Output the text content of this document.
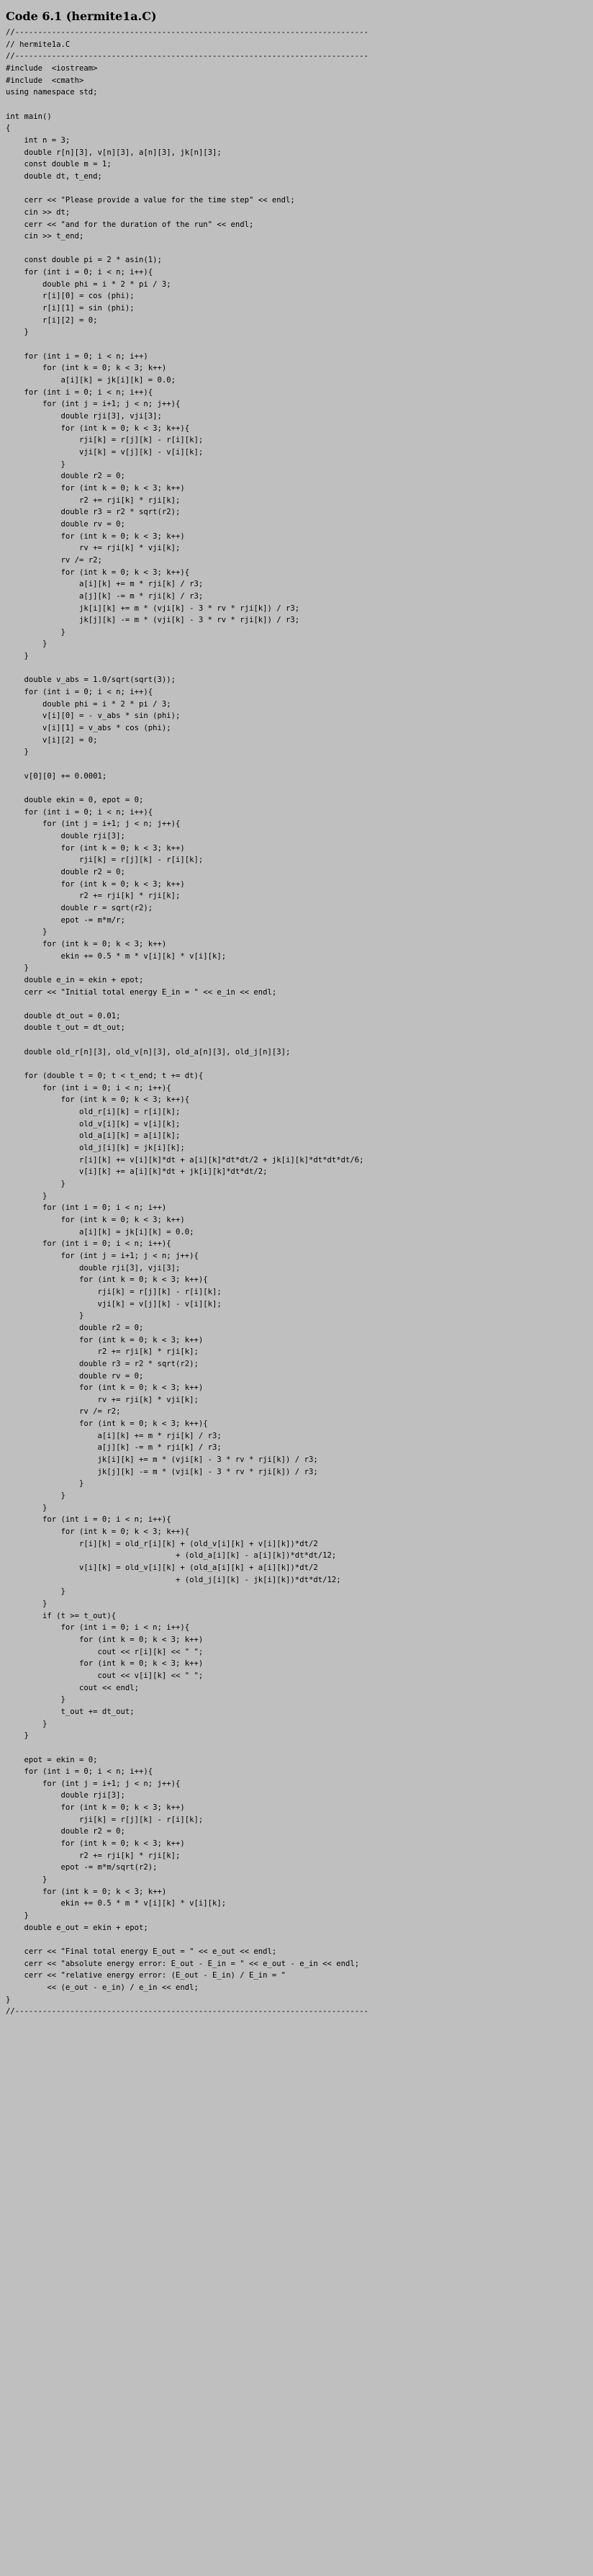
Code 6.1 (hermite1a.C)
//-----------------------------------------------------------------------------
// hermite1a.C
//-----------------------------------------------------------------------------
#include  <iostream>
#include  <cmath>
using namespace std;
int main()
{
int n = 3;
double r[n][3], v[n][3], a[n][3], jk[n][3];
const double m = 1;
double dt, t_end;
cerr << "Please provide a value for the time step" << endl;
cin >> dt;
cerr << "and for the duration of the run" << endl;
cin >> t_end;
const double pi = 2 * asin(1);
for (int i = 0; i < n; i++){
double phi = i * 2 * pi / 3;
r[i][0] = cos (phi);
r[i][1] = sin (phi);
r[i][2] = 0;
}
for (int i = 0; i < n; i++)
for (int k = 0; k < 3; k++)
a[i][k] = jk[i][k] = 0.0;
for (int i = 0; i < n; i++){
for (int j = i+1; j < n; j++){
double rji[3], vji[3];
for (int k = 0; k < 3; k++){
rji[k] = r[j][k] - r[i][k];
vji[k] = v[j][k] - v[i][k];
}
double r2 = 0;
for (int k = 0; k < 3; k++)
r2 += rji[k] * rji[k];
double r3 = r2 * sqrt(r2);
double rv = 0;
for (int k = 0; k < 3; k++)
rv += rji[k] * vji[k];
rv /= r2;
for (int k = 0; k < 3; k++){
a[i][k] += m * rji[k] / r3;
a[j][k] -= m * rji[k] / r3;
jk[i][k] += m * (vji[k] - 3 * rv * rji[k]) / r3;
jk[j][k] -= m * (vji[k] - 3 * rv * rji[k]) / r3;
}
}
}
double v_abs = 1.0/sqrt(sqrt(3));
for (int i = 0; i < n; i++){
double phi = i * 2 * pi / 3;
v[i][0] = - v_abs * sin (phi);
v[i][1] = v_abs * cos (phi);
v[i][2] = 0;
}
v[0][0] += 0.0001;
double ekin = 0, epot = 0;
for (int i = 0; i < n; i++){
for (int j = i+1; j < n; j++){
double rji[3];
for (int k = 0; k < 3; k++)
rji[k] = r[j][k] - r[i][k];
double r2 = 0;
for (int k = 0; k < 3; k++)
r2 += rji[k] * rji[k];
double r = sqrt(r2);
epot -= m*m/r;
}
for (int k = 0; k < 3; k++)
ekin += 0.5 * m * v[i][k] * v[i][k];
}
double e_in = ekin + epot;
cerr << "Initial total energy E_in = " << e_in << endl;
double dt_out = 0.01;
double t_out = dt_out;
double old_r[n][3], old_v[n][3], old_a[n][3], old_j[n][3];
for (double t = 0; t < t_end; t += dt){
for (int i = 0; i < n; i++){
for (int k = 0; k < 3; k++){
old_r[i][k] = r[i][k];
old_v[i][k] = v[i][k];
old_a[i][k] = a[i][k];
old_j[i][k] = jk[i][k];
r[i][k] += v[i][k]*dt + a[i][k]*dt*dt/2 + jk[i][k]*dt*dt*dt/6;
v[i][k] += a[i][k]*dt + jk[i][k]*dt*dt/2;
}
}
for (int i = 0; i < n; i++)
for (int k = 0; k < 3; k++)
a[i][k] = jk[i][k] = 0.0;
for (int i = 0; i < n; i++){
for (int j = i+1; j < n; j++){
double rji[3], vji[3];
for (int k = 0; k < 3; k++){
rji[k] = r[j][k] - r[i][k];
vji[k] = v[j][k] - v[i][k];
}
double r2 = 0;
for (int k = 0; k < 3; k++)
r2 += rji[k] * rji[k];
double r3 = r2 * sqrt(r2);
double rv = 0;
for (int k = 0; k < 3; k++)
rv += rji[k] * vji[k];
rv /= r2;
for (int k = 0; k < 3; k++){
a[i][k] += m * rji[k] / r3;
a[j][k] -= m * rji[k] / r3;
jk[i][k] += m * (vji[k] - 3 * rv * rji[k]) / r3;
jk[j][k] -= m * (vji[k] - 3 * rv * rji[k]) / r3;
}
}
}
for (int i = 0; i < n; i++){
for (int k = 0; k < 3; k++){
r[i][k] = old_r[i][k] + (old_v[i][k] + v[i][k])*dt/2
+ (old_a[i][k] - a[i][k])*dt*dt/12;
v[i][k] = old_v[i][k] + (old_a[i][k] + a[i][k])*dt/2
+ (old_j[i][k] - jk[i][k])*dt*dt/12;
}
}
if (t >= t_out){
for (int i = 0; i < n; i++){
for (int k = 0; k < 3; k++)
cout << r[i][k] << " ";
for (int k = 0; k < 3; k++)
cout << v[i][k] << " ";
cout << endl;
}
t_out += dt_out;
}
}
epot = ekin = 0;
for (int i = 0; i < n; i++){
for (int j = i+1; j < n; j++){
double rji[3];
for (int k = 0; k < 3; k++)
rji[k] = r[j][k] - r[i][k];
double r2 = 0;
for (int k = 0; k < 3; k++)
r2 += rji[k] * rji[k];
epot -= m*m/sqrt(r2);
}
for (int k = 0; k < 3; k++)
ekin += 0.5 * m * v[i][k] * v[i][k];
}
double e_out = ekin + epot;
cerr << "Final total energy E_out = " << e_out << endl;
cerr << "absolute energy error: E_out - E_in = " << e_out - e_in << endl;
cerr << "relative energy error: (E_out - E_in) / E_in = "
<< (e_out - e_in) / e_in << endl;
}
//-----------------------------------------------------------------------------
